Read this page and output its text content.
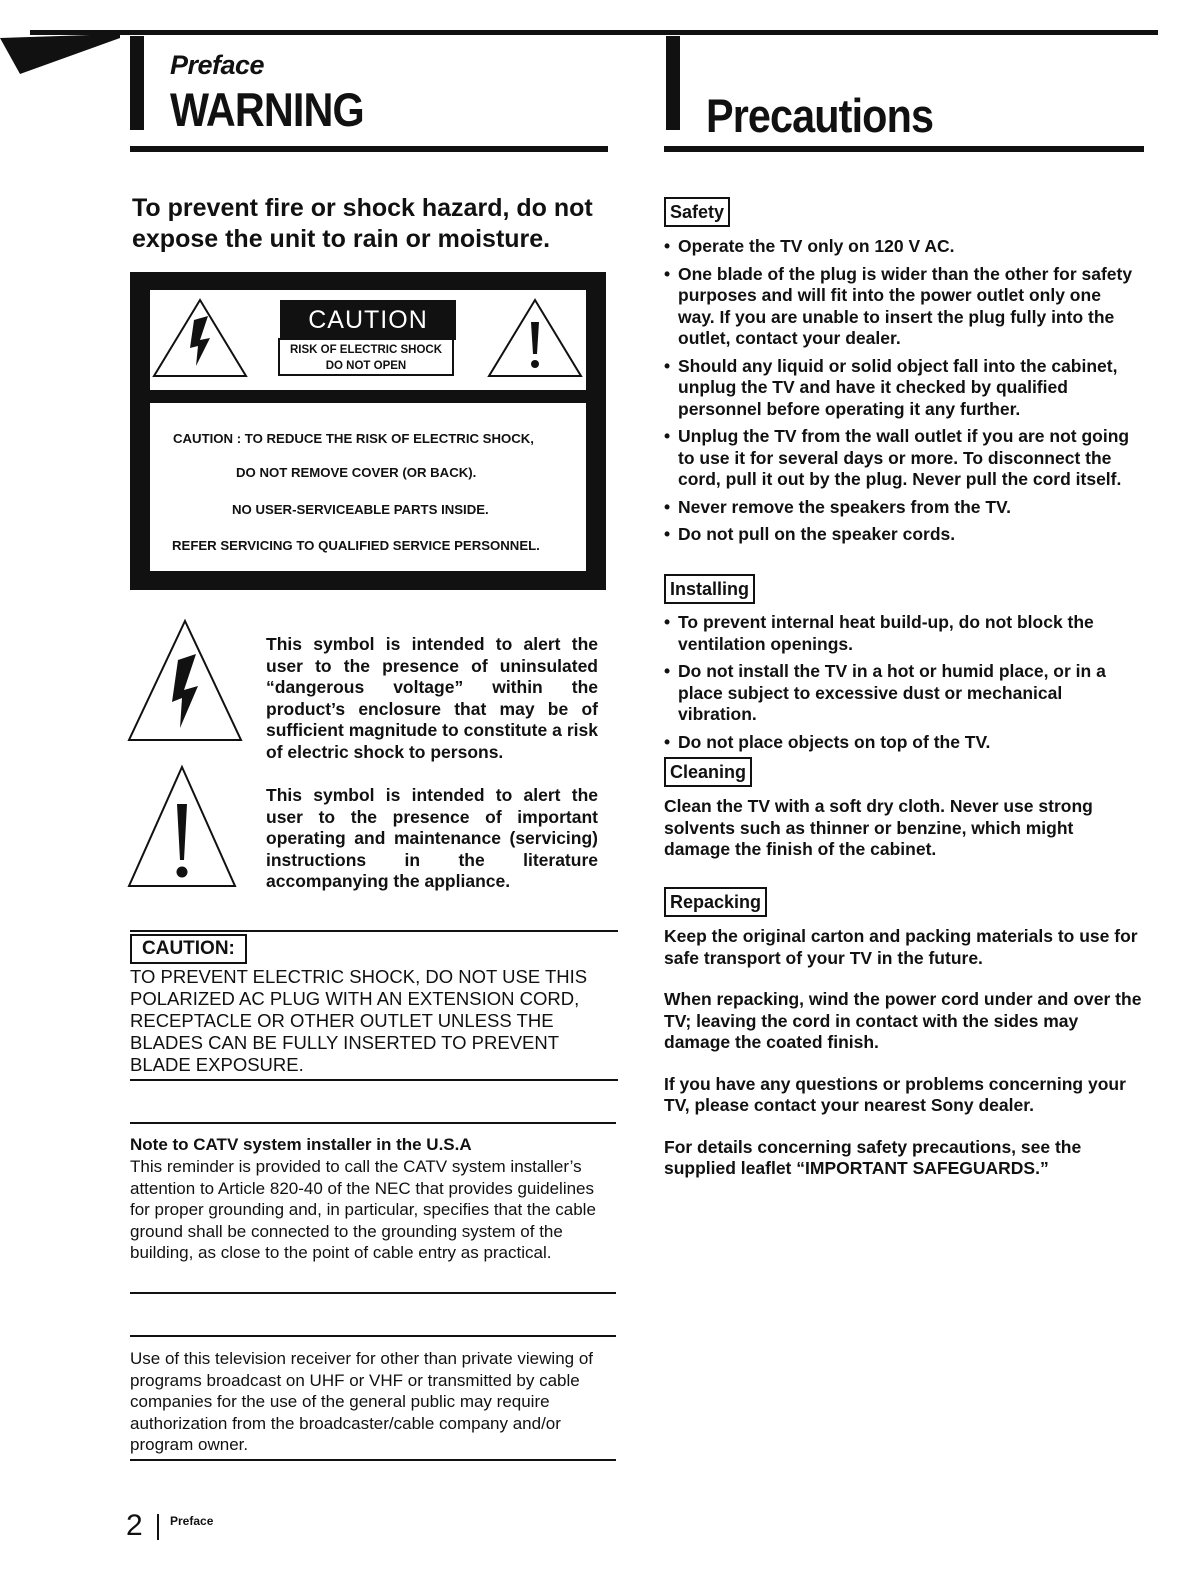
Preface
WARNING
To prevent fire or shock hazard, do not expose the unit to rain or moisture.
CAUTION
RISK OF ELECTRIC SHOCK
DO NOT OPEN
CAUTION : TO REDUCE THE RISK OF ELECTRIC SHOCK,
DO NOT REMOVE COVER (OR BACK).
NO USER-SERVICEABLE PARTS INSIDE.
REFER SERVICING TO QUALIFIED SERVICE PERSONNEL.
This symbol is intended to alert the user to the presence of uninsulated “dangerous voltage” within the product’s enclosure that may be of sufficient magnitude to constitute a risk of electric shock to persons.
This symbol is intended to alert the user to the presence of important operating and maintenance (servicing) instructions in the literature accompanying the appliance.
CAUTION:
TO PREVENT ELECTRIC SHOCK, DO NOT USE THIS POLARIZED AC PLUG WITH AN EXTENSION CORD, RECEPTACLE OR OTHER OUTLET UNLESS THE BLADES CAN BE FULLY INSERTED TO PREVENT BLADE EXPOSURE.
Note to CATV system installer in the U.S.A
This reminder is provided to call the CATV system installer’s attention to Article 820-40 of the NEC that provides guidelines for proper grounding and, in particular, specifies that the cable ground shall be connected to the grounding system of the building, as close to the point of cable entry as practical.
Use of this television receiver for other than private viewing of programs broadcast on UHF or VHF or transmitted by cable companies for the use of the general public may require authorization from the broadcaster/cable company and/or program owner.
2 Preface
Precautions
Safety
• Operate the TV only on 120 V AC.
• One blade of the plug is wider than the other for safety purposes and will fit into the power outlet only one way. If you are unable to insert the plug fully into the outlet, contact your dealer.
• Should any liquid or solid object fall into the cabinet, unplug the TV and have it checked by qualified personnel before operating it any further.
• Unplug the TV from the wall outlet if you are not going to use it for several days or more. To disconnect the cord, pull it out by the plug. Never pull the cord itself.
• Never remove the speakers from the TV.
• Do not pull on the speaker cords.
Installing
• To prevent internal heat build-up, do not block the ventilation openings.
• Do not install the TV in a hot or humid place, or in a place subject to excessive dust or mechanical vibration.
• Do not place objects on top of the TV.
Cleaning
Clean the TV with a soft dry cloth. Never use strong solvents such as thinner or benzine, which might damage the finish of the cabinet.
Repacking

Keep the original carton and packing materials to use for safe transport of your TV in the future.

When repacking, wind the power cord under and over the TV; leaving the cord in contact with the sides may damage the coated finish.

If you have any questions or problems concerning your TV, please contact your nearest Sony dealer.

For details concerning safety precautions, see the supplied leaflet “IMPORTANT SAFEGUARDS.”
